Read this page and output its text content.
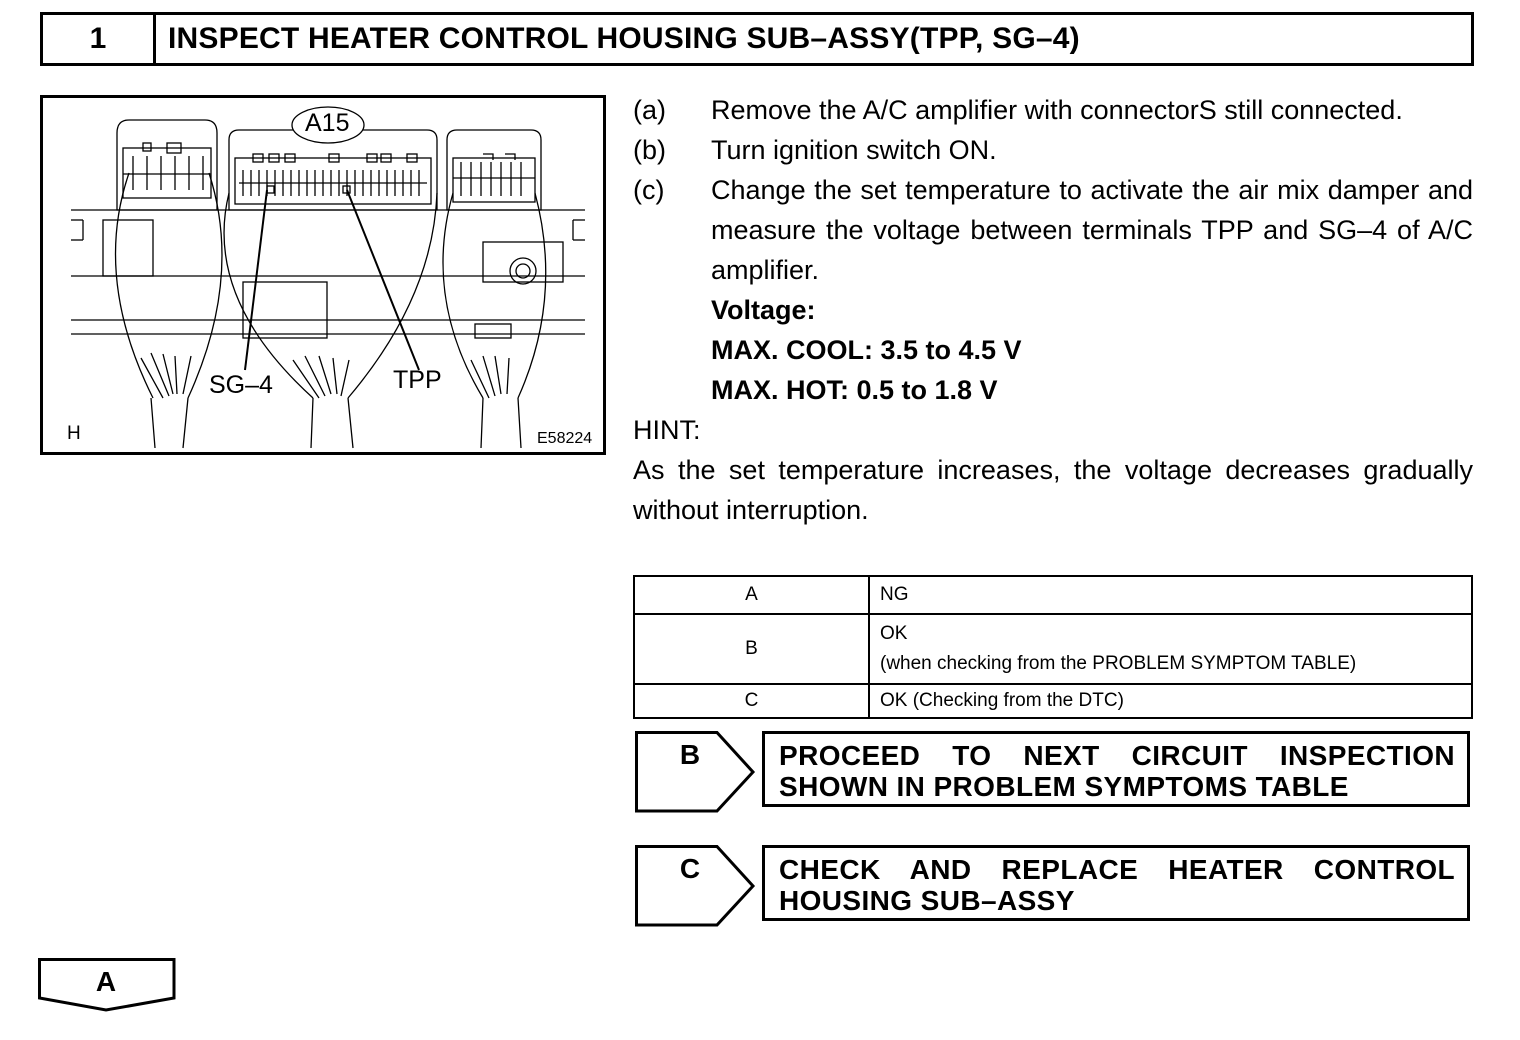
1	INSPECT HEATER CONTROL HOUSING SUB–ASSY(TPP, SG–4)
A15
SG–4	TPP
H	E58224
(a)	Remove the A/C amplifier with connectorS still connected.
(b)	Turn ignition switch ON.
(c)	Change the set temperature to activate the air mix damper and measure the voltage between terminals TPP and SG–4 of A/C amplifier.
Voltage:
MAX. COOL: 3.5 to 4.5 V
MAX. HOT: 0.5 to 1.8 V
HINT:
As the set temperature increases, the voltage decreases gradually without interruption.
A	NG
B	OK
(when checking from the PROBLEM SYMPTOM TABLE)

C	OK (Checking from the DTC)
B	PROCEED TO NEXT CIRCUIT INSPECTION SHOWN IN PROBLEM SYMPTOMS TABLE
C	CHECK AND REPLACE HEATER CONTROL HOUSING SUB–ASSY
A
